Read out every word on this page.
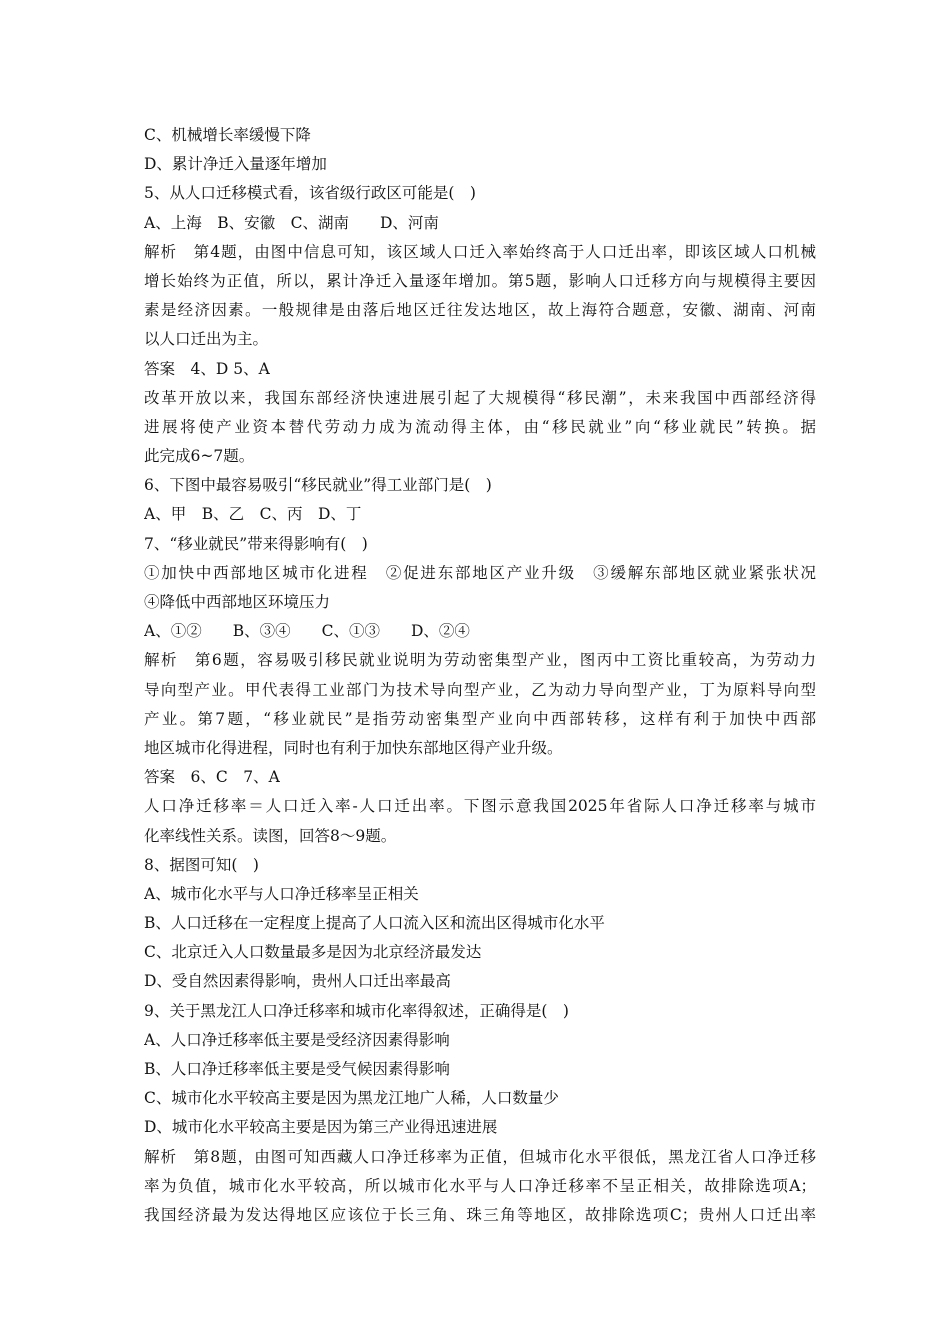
C、机械增长率缓慢下降
D、累计净迁入量逐年增加
5、从人口迁移模式看，该省级行政区可能是(　)
A、上海　B、安徽　C、湖南　　D、河南
解析　第4题，由图中信息可知，该区域人口迁入率始终高于人口迁出率，即该区域人口机械
增长始终为正值，所以，累计净迁入量逐年增加。第5题，影响人口迁移方向与规模得主要因
素是经济因素。一般规律是由落后地区迁往发达地区，故上海符合题意，安徽、湖南、河南
以人口迁出为主。
答案　4、D 5、A
改革开放以来，我国东部经济快速进展引起了大规模得“移民潮”，未来我国中西部经济得
进展将使产业资本替代劳动力成为流动得主体，由“移民就业”向“移业就民”转换。据
此完成6~7题。
6、下图中最容易吸引“移民就业”得工业部门是(　)
A、甲　B、乙　C、丙　D、丁
7、“移业就民”带来得影响有(　)
①加快中西部地区城市化进程　②促进东部地区产业升级　③缓解东部地区就业紧张状况
④降低中西部地区环境压力
A、①②　　B、③④　　C、①③　　D、②④
解析　第6题，容易吸引移民就业说明为劳动密集型产业，图丙中工资比重较高，为劳动力
导向型产业。甲代表得工业部门为技术导向型产业，乙为动力导向型产业，丁为原料导向型
产业。第7题，“移业就民”是指劳动密集型产业向中西部转移，这样有利于加快中西部
地区城市化得进程，同时也有利于加快东部地区得产业升级。
答案　6、C　7、A
人口净迁移率＝人口迁入率-人口迁出率。下图示意我国2025年省际人口净迁移率与城市
化率线性关系。读图，回答8～9题。
8、据图可知(　)
A、城市化水平与人口净迁移率呈正相关
B、人口迁移在一定程度上提高了人口流入区和流出区得城市化水平
C、北京迁入人口数量最多是因为北京经济最发达
D、受自然因素得影响，贵州人口迁出率最高
9、关于黑龙江人口净迁移率和城市化率得叙述，正确得是(　)
A、人口净迁移率低主要是受经济因素得影响
B、人口净迁移率低主要是受气候因素得影响
C、城市化水平较高主要是因为黑龙江地广人稀，人口数量少
D、城市化水平较高主要是因为第三产业得迅速进展
解析　第8题，由图可知西藏人口净迁移率为正值，但城市化水平很低，黑龙江省人口净迁移
率为负值，城市化水平较高，所以城市化水平与人口净迁移率不呈正相关，故排除选项A；
我国经济最为发达得地区应该位于长三角、珠三角等地区，故排除选项C；贵州人口迁出率
